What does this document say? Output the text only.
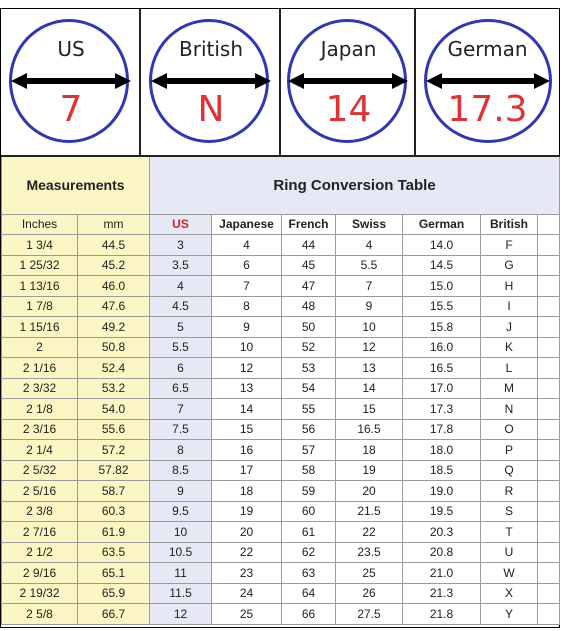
US
7
British
N
Japan
14
German
17.3
Measurements		Ring Conversion Table						
Inches	mm	US	Japanese	French	Swiss	German	British	
1 3/4	44.5	3	4	44	4	14.0	F	
1 25/32	45.2	3.5	6	45	5.5	14.5	G	
1 13/16	46.0	4	7	47	7	15.0	H	
1 7/8	47.6	4.5	8	48	9	15.5	I	
1 15/16	49.2	5	9	50	10	15.8	J	
2	50.8	5.5	10	52	12	16.0	K	
2 1/16	52.4	6	12	53	13	16.5	L	
2 3/32	53.2	6.5	13	54	14	17.0	M	
2 1/8	54.0	7	14	55	15	17.3	N	
2 3/16	55.6	7.5	15	56	16.5	17.8	O	
2 1/4	57.2	8	16	57	18	18.0	P	
2 5/32	57.82	8.5	17	58	19	18.5	Q	
2 5/16	58.7	9	18	59	20	19.0	R	
2 3/8	60.3	9.5	19	60	21.5	19.5	S	
2 7/16	61.9	10	20	61	22	20.3	T	
2 1/2	63.5	10.5	22	62	23.5	20.8	U	
2 9/16	65.1	11	23	63	25	21.0	W	
2 19/32	65.9	11.5	24	64	26	21.3	X	
2 5/8	66.7	12	25	66	27.5	21.8	Y	
